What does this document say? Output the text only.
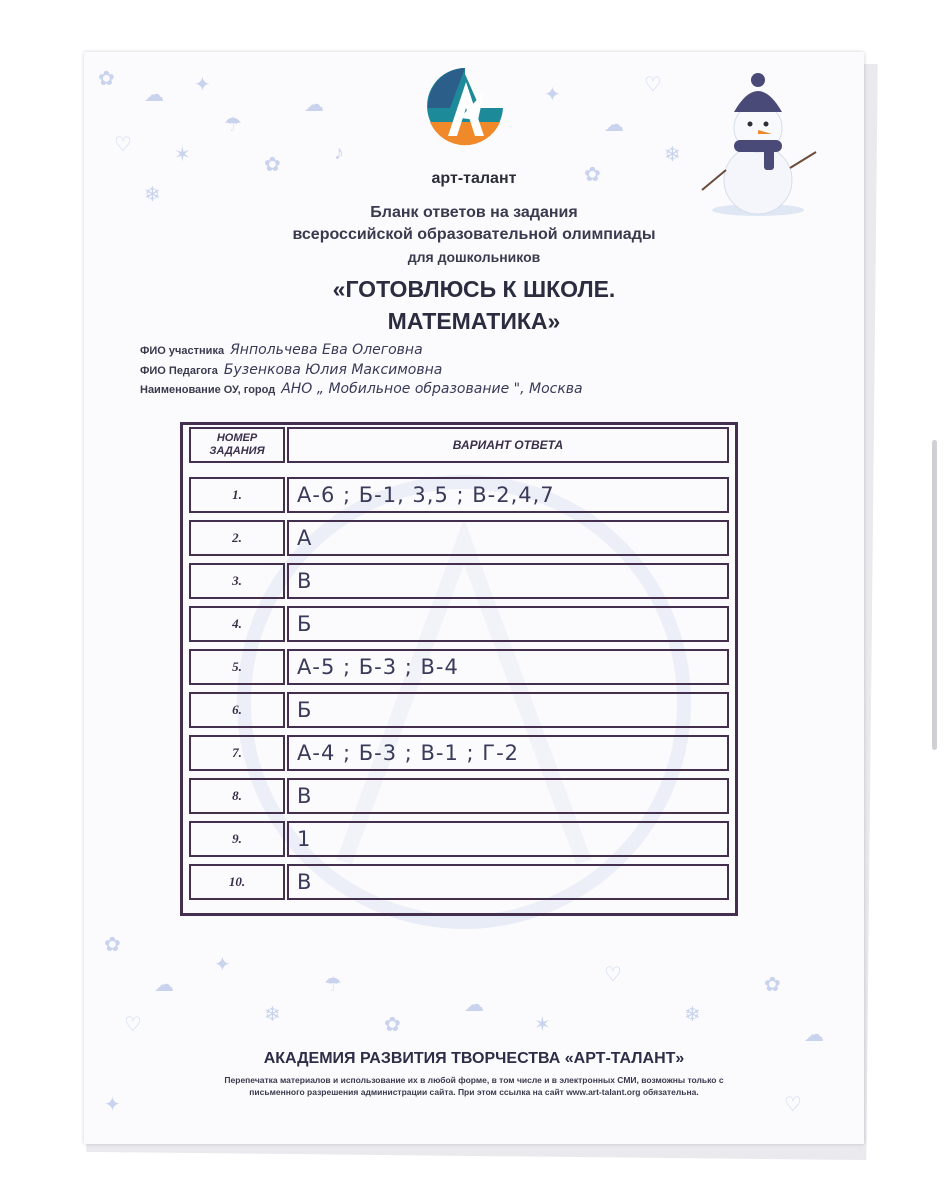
✿
☁ ✦
♡ ✶
☂
❄
✿
☁
♪
✦
☁
♡
✿
❄
✿
☁
✦
♡	❄
☂
✿
☁
✶
♡
❄
✿
☁
✦	♡
арт-талант
Бланк ответов на задания
всероссийской образовательной олимпиады
для дошкольников
«ГОТОВЛЮСЬ К ШКОЛЕ.
МАТЕМАТИКА»
ФИО участника Янпольчева Ева Олеговна
ФИО Педагога Бузенкова Юлия Максимовна
Наименование ОУ, город АНО „ Мобильное образование ", Москва
НОМЕР ЗАДАНИЯ	ВАРИАНТ ОТВЕТА
1.	А-6 ; Б-1, 3,5 ; В-2,4,7
2.	А
3.	В
4.	Б
5.	А-5 ; Б-3 ; В-4
6.	Б
7.	А-4 ; Б-3 ; В-1 ; Г-2
8.	В
9.	1
10.	В
АКАДЕМИЯ РАЗВИТИЯ ТВОРЧЕСТВА «АРТ-ТАЛАНТ»
Перепечатка материалов и использование их в любой форме, в том числе и в электронных СМИ, возможны только с
письменного разрешения администрации сайта. При этом ссылка на сайт www.art-talant.org обязательна.
